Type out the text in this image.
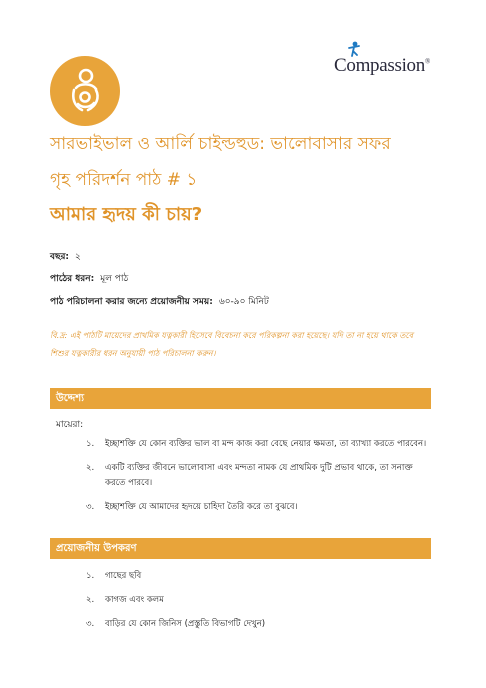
Compassion®
সারভাইভাল ও আর্লি চাইল্ডহুড: ভালোবাসার সফর
গৃহ পরিদর্শন পাঠ # ১
আমার হৃদয় কী চায়?
বছর: ২
পাঠের ধরন: মূল পাঠ
পাঠ পরিচালনা করার জন্যে প্রয়োজনীয় সময়: ৬০-৯০ মিনিট
বি.দ্র: এই পাঠটি মায়েদের প্রাথমিক যত্নকারী হিসেবে বিবেচনা করে পরিকল্পনা করা হয়েছে। যদি তা না হয়ে থাকে তবে শিশুর যত্নকারীর ধরন অনুযায়ী পাঠ পরিচালনা করুন।
উদ্দেশ্য
মায়েরা:
১. ইচ্ছাশক্তি যে কোন ব্যক্তির ভাল বা মন্দ কাজ করা বেছে নেয়ার ক্ষমতা, তা ব্যাখ্যা করতে পারবেন।
২. একটি ব্যক্তির জীবনে ভালোবাসা এবং মন্দতা নামক যে প্রাথমিক দুটি প্রভাব থাকে, তা সনাক্ত করতে পারবে।
৩. ইচ্ছাশক্তি যে আমাদের হৃদয়ে চাহিদা তৈরি করে তা বুঝবে।
প্রয়োজনীয় উপকরণ
১. গাছের ছবি
২. কাগজ এবং কলম
৩. বাড়ির যে কোন জিনিস (প্রস্তুতি বিভাগটি দেখুন)
